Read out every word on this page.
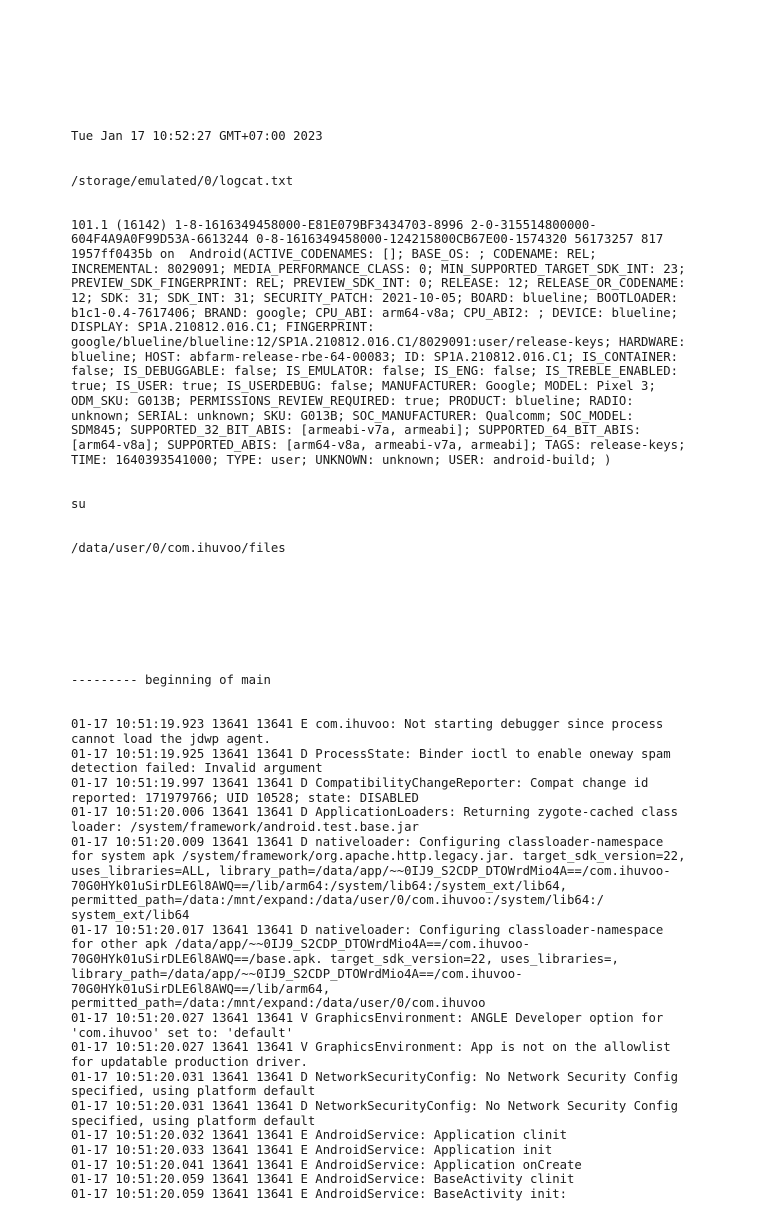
Tue Jan 17 10:52:27 GMT+07:00 2023

/storage/emulated/0/logcat.txt

101.1 (16142) 1-8-1616349458000-E81E079BF3434703-8996 2-0-315514800000-
604F4A9A0F99D53A-6613244 0-8-1616349458000-124215800CB67E00-1574320 56173257 817
1957ff0435b on  Android(ACTIVE_CODENAMES: []; BASE_OS: ; CODENAME: REL;
INCREMENTAL: 8029091; MEDIA_PERFORMANCE_CLASS: 0; MIN_SUPPORTED_TARGET_SDK_INT: 23;
PREVIEW_SDK_FINGERPRINT: REL; PREVIEW_SDK_INT: 0; RELEASE: 12; RELEASE_OR_CODENAME:
12; SDK: 31; SDK_INT: 31; SECURITY_PATCH: 2021-10-05; BOARD: blueline; BOOTLOADER:
b1c1-0.4-7617406; BRAND: google; CPU_ABI: arm64-v8a; CPU_ABI2: ; DEVICE: blueline;
DISPLAY: SP1A.210812.016.C1; FINGERPRINT:
google/blueline/blueline:12/SP1A.210812.016.C1/8029091:user/release-keys; HARDWARE:
blueline; HOST: abfarm-release-rbe-64-00083; ID: SP1A.210812.016.C1; IS_CONTAINER:
false; IS_DEBUGGABLE: false; IS_EMULATOR: false; IS_ENG: false; IS_TREBLE_ENABLED:
true; IS_USER: true; IS_USERDEBUG: false; MANUFACTURER: Google; MODEL: Pixel 3;
ODM_SKU: G013B; PERMISSIONS_REVIEW_REQUIRED: true; PRODUCT: blueline; RADIO:
unknown; SERIAL: unknown; SKU: G013B; SOC_MANUFACTURER: Qualcomm; SOC_MODEL:
SDM845; SUPPORTED_32_BIT_ABIS: [armeabi-v7a, armeabi]; SUPPORTED_64_BIT_ABIS:
[arm64-v8a]; SUPPORTED_ABIS: [arm64-v8a, armeabi-v7a, armeabi]; TAGS: release-keys;
TIME: 1640393541000; TYPE: user; UNKNOWN: unknown; USER: android-build; )

su

/data/user/0/com.ihuvoo/files

--------- beginning of main

01-17 10:51:19.923 13641 13641 E com.ihuvoo: Not starting debugger since process
cannot load the jdwp agent.
01-17 10:51:19.925 13641 13641 D ProcessState: Binder ioctl to enable oneway spam
detection failed: Invalid argument
01-17 10:51:19.997 13641 13641 D CompatibilityChangeReporter: Compat change id
reported: 171979766; UID 10528; state: DISABLED
01-17 10:51:20.006 13641 13641 D ApplicationLoaders: Returning zygote-cached class
loader: /system/framework/android.test.base.jar
01-17 10:51:20.009 13641 13641 D nativeloader: Configuring classloader-namespace
for system apk /system/framework/org.apache.http.legacy.jar. target_sdk_version=22,
uses_libraries=ALL, library_path=/data/app/~~0IJ9_S2CDP_DTOWrdMio4A==/com.ihuvoo-
70G0HYk01uSirDLE6l8AWQ==/lib/arm64:/system/lib64:/system_ext/lib64,
permitted_path=/data:/mnt/expand:/data/user/0/com.ihuvoo:/system/lib64:/
system_ext/lib64
01-17 10:51:20.017 13641 13641 D nativeloader: Configuring classloader-namespace
for other apk /data/app/~~0IJ9_S2CDP_DTOWrdMio4A==/com.ihuvoo-
70G0HYk01uSirDLE6l8AWQ==/base.apk. target_sdk_version=22, uses_libraries=,
library_path=/data/app/~~0IJ9_S2CDP_DTOWrdMio4A==/com.ihuvoo-
70G0HYk01uSirDLE6l8AWQ==/lib/arm64,
permitted_path=/data:/mnt/expand:/data/user/0/com.ihuvoo
01-17 10:51:20.027 13641 13641 V GraphicsEnvironment: ANGLE Developer option for
'com.ihuvoo' set to: 'default'
01-17 10:51:20.027 13641 13641 V GraphicsEnvironment: App is not on the allowlist
for updatable production driver.
01-17 10:51:20.031 13641 13641 D NetworkSecurityConfig: No Network Security Config
specified, using platform default
01-17 10:51:20.031 13641 13641 D NetworkSecurityConfig: No Network Security Config
specified, using platform default
01-17 10:51:20.032 13641 13641 E AndroidService: Application clinit
01-17 10:51:20.033 13641 13641 E AndroidService: Application init
01-17 10:51:20.041 13641 13641 E AndroidService: Application onCreate
01-17 10:51:20.059 13641 13641 E AndroidService: BaseActivity clinit
01-17 10:51:20.059 13641 13641 E AndroidService: BaseActivity init:
